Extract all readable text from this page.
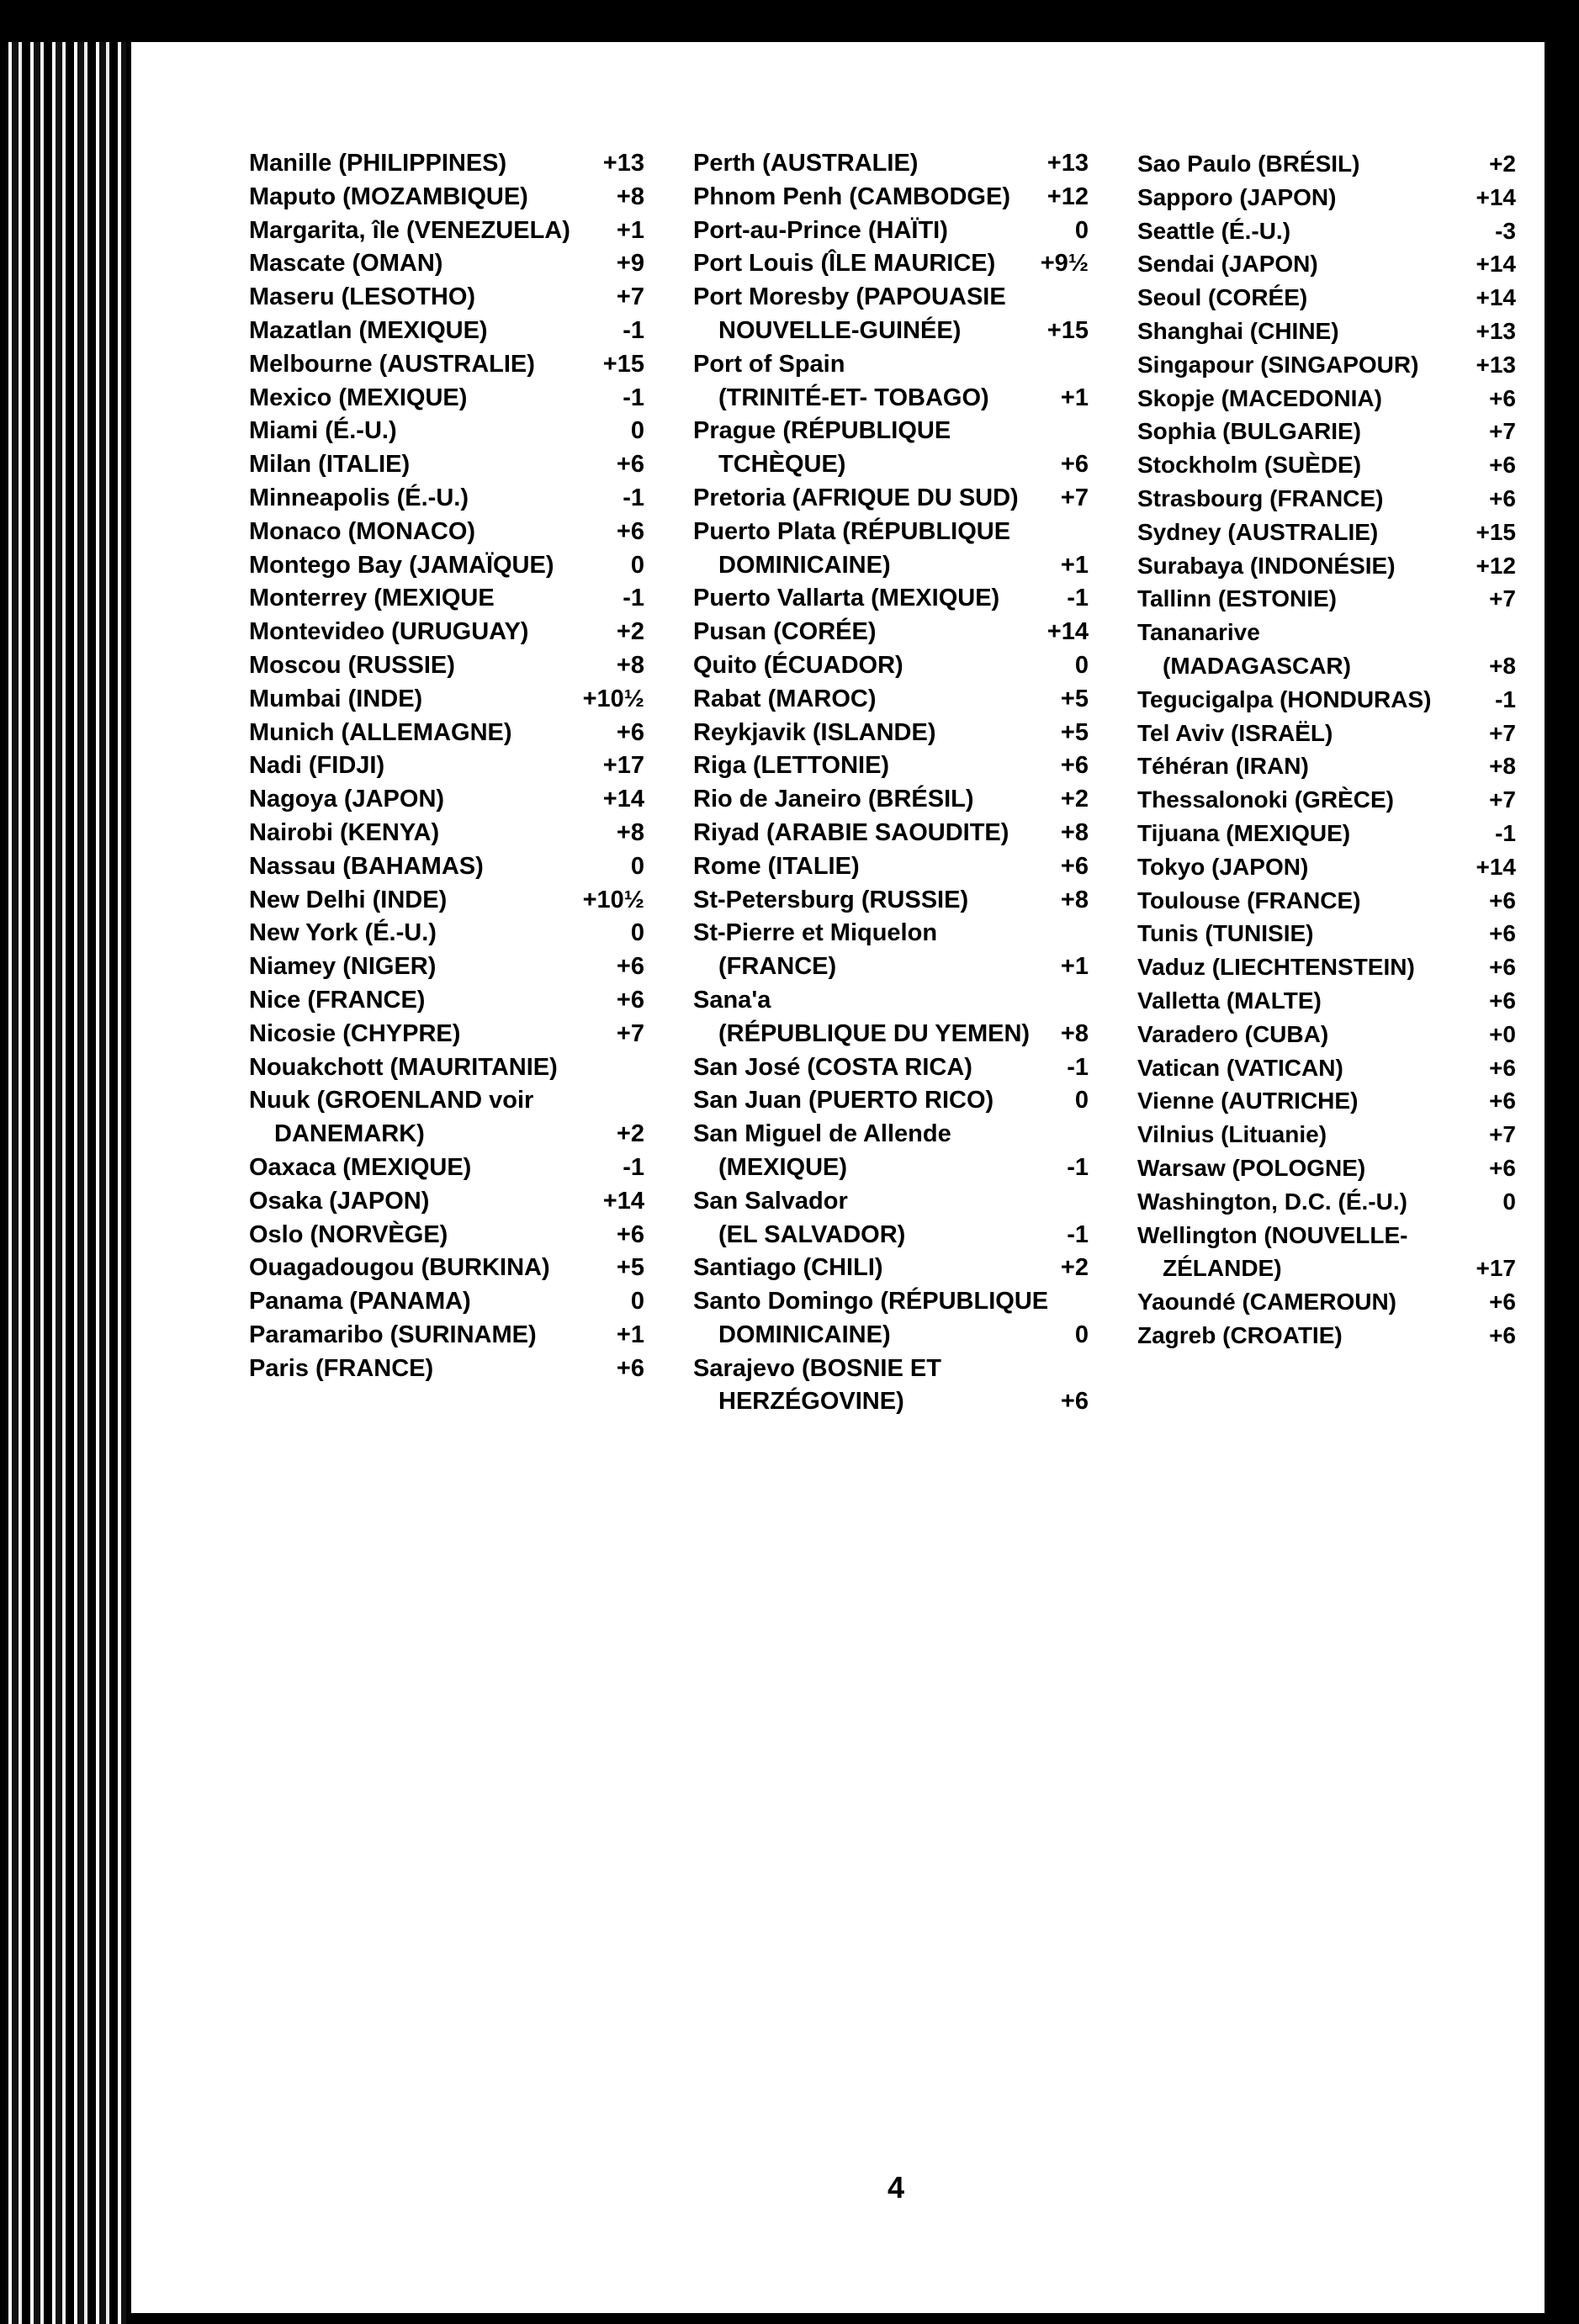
Manille (PHILIPPINES)	+13
Maputo (MOZAMBIQUE)	+8
Margarita, île (VENEZUELA) +1
Mascate (OMAN)	+9
Maseru (LESOTHO)	+7
Mazatlan (MEXIQUE)	-1
Melbourne (AUSTRALIE)	+15
Mexico (MEXIQUE)	-1
Miami (É.-U.)	0
Milan (ITALIE)	+6
Minneapolis (É.-U.)	-1
Monaco (MONACO)	+6
Montego Bay (JAMAÏQUE)	0
Monterrey (MEXIQUE	-1
Montevideo (URUGUAY)	+2
Moscou (RUSSIE)	+8
Mumbai (INDE)	+10½
Munich (ALLEMAGNE)	+6
Nadi (FIDJI)	+17
Nagoya (JAPON)	+14
Nairobi (KENYA)	+8
Nassau (BAHAMAS)	0
New Delhi (INDE)	+10½
New York (É.-U.)	0
Niamey (NIGER)	+6
Nice (FRANCE)	+6
Nicosie (CHYPRE)	+7
Nouakchott (MAURITANIE)
Nuuk (GROENLAND voir
DANEMARK)	+2
Oaxaca (MEXIQUE)	-1
Osaka (JAPON)	+14
Oslo (NORVÈGE)	+6
Ouagadougou (BURKINA)	+5
Panama (PANAMA)	0
Paramaribo (SURINAME)	+1
Paris (FRANCE)	+6
Perth (AUSTRALIE)	+13
Phnom Penh (CAMBODGE) +12
Port-au-Prince (HAÏTI)	0
Port Louis (ÎLE MAURICE) +9½
Port Moresby (PAPOUASIE
NOUVELLE-GUINÉE)	+15
Port of Spain
(TRINITÉ-ET- TOBAGO)	+1
Prague (RÉPUBLIQUE
TCHÈQUE)	+6
Pretoria (AFRIQUE DU SUD) +7
Puerto Plata (RÉPUBLIQUE
DOMINICAINE)	+1
Puerto Vallarta (MEXIQUE)	-1
Pusan (CORÉE)	+14
Quito (ÉCUADOR)	0
Rabat (MAROC)	+5
Reykjavik (ISLANDE)	+5
Riga (LETTONIE)	+6
Rio de Janeiro (BRÉSIL)	+2
Riyad (ARABIE SAOUDITE) +8
Rome (ITALIE)	+6
St-Petersburg (RUSSIE)	+8
St-Pierre et Miquelon
(FRANCE)	+1
Sana'a
(RÉPUBLIQUE DU YEMEN) +8
San José (COSTA RICA)	-1
San Juan (PUERTO RICO)	0
San Miguel de Allende
(MEXIQUE)	-1
San Salvador
(EL SALVADOR)	-1
Santiago (CHILI)	+2
Santo Domingo (RÉPUBLIQUE
DOMINICAINE)	0
Sarajevo (BOSNIE ET
HERZÉGOVINE)	+6
Sao Paulo (BRÉSIL)	+2
Sapporo (JAPON)	+14
Seattle (É.-U.)	-3
Sendai (JAPON)	+14
Seoul (CORÉE)	+14
Shanghai (CHINE)	+13
Singapour (SINGAPOUR) +13
Skopje (MACEDONIA)	+6
Sophia (BULGARIE)	+7
Stockholm (SUÈDE)	+6
Strasbourg (FRANCE)	+6
Sydney (AUSTRALIE)	+15
Surabaya (INDONÉSIE)	+12
Tallinn (ESTONIE)	+7
Tananarive
(MADAGASCAR)	+8
Tegucigalpa (HONDURAS)	-1
Tel Aviv (ISRAËL)	+7
Téhéran (IRAN)	+8
Thessalonoki (GRÈCE)	+7
Tijuana (MEXIQUE)	-1
Tokyo (JAPON)	+14
Toulouse (FRANCE)	+6
Tunis (TUNISIE)	+6
Vaduz (LIECHTENSTEIN)	+6
Valletta (MALTE)	+6
Varadero (CUBA)	+0
Vatican (VATICAN)	+6
Vienne (AUTRICHE)	+6
Vilnius (Lituanie)	+7
Warsaw (POLOGNE)	+6
Washington, D.C. (É.-U.)	0
Wellington (NOUVELLE-
ZÉLANDE)	+17
Yaoundé (CAMEROUN)	+6
Zagreb (CROATIE)	+6
4
